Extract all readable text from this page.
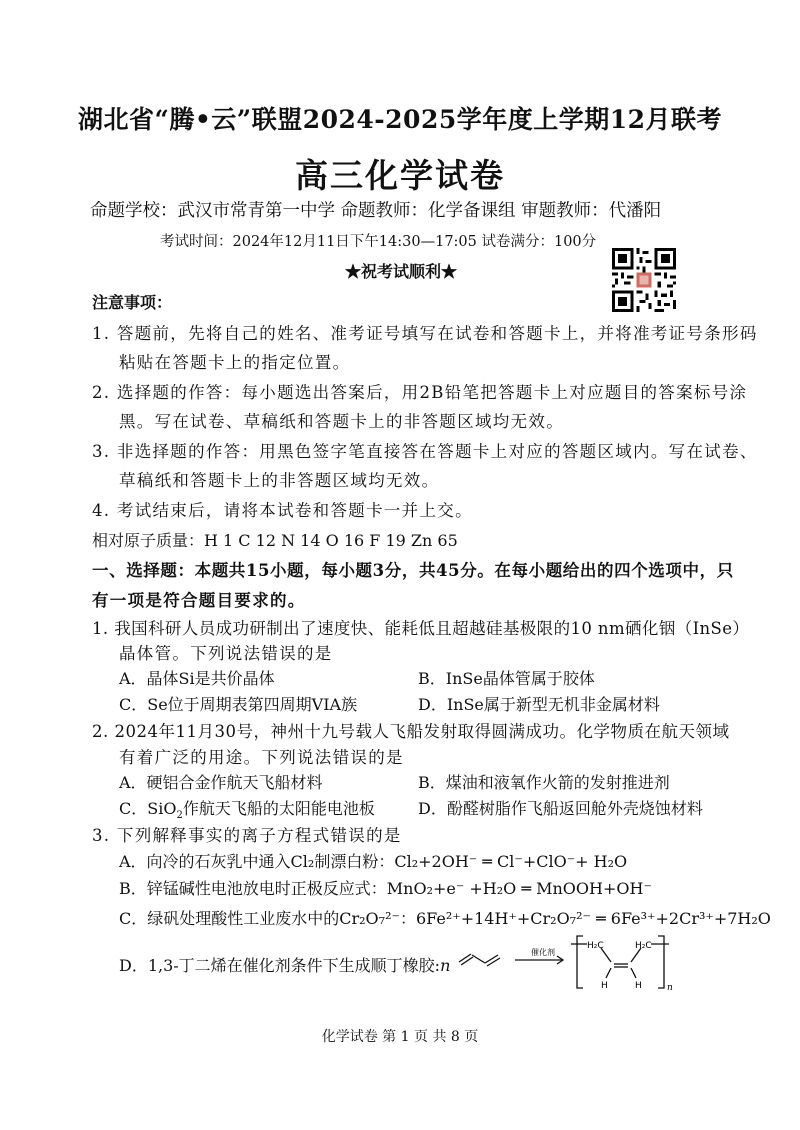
湖北省“腾•云”联盟2024-2025学年度上学期12月联考
高三化学试卷
命题学校：武汉市常青第一中学 命题教师：化学备课组 审题教师：代潘阳
考试时间：2024年12月11日下午14:30—17:05 试卷满分：100分
★祝考试顺利★
注意事项：
1. 答题前，先将自己的姓名、准考证号填写在试卷和答题卡上，并将准考证号条形码
粘贴在答题卡上的指定位置。
2. 选择题的作答：每小题选出答案后，用2B铅笔把答题卡上对应题目的答案标号涂
黑。写在试卷、草稿纸和答题卡上的非答题区域均无效。
3. 非选择题的作答：用黑色签字笔直接答在答题卡上对应的答题区域内。写在试卷、
草稿纸和答题卡上的非答题区域均无效。
4. 考试结束后，请将本试卷和答题卡一并上交。
相对原子质量：H 1 C 12 N 14 O 16 F 19 Zn 65
一、选择题：本题共15小题，每小题3分，共45分。在每小题给出的四个选项中，只
有一项是符合题目要求的。
1. 我国科研人员成功研制出了速度快、能耗低且超越硅基极限的10 nm硒化铟（InSe）
晶体管。下列说法错误的是
A．晶体Si是共价晶体	B．InSe晶体管属于胶体
C．Se位于周期表第四周期VIA族	D．InSe属于新型无机非金属材料
2. 2024年11月30号，神州十九号载人飞船发射取得圆满成功。化学物质在航天领域
有着广泛的用途。下列说法错误的是
A．硬铝合金作航天飞船材料	B．煤油和液氧作火箭的发射推进剂
C．SiO$_2$作航天飞船的太阳能电池板	D．酚醛树脂作飞船返回舱外壳烧蚀材料
3. 下列解释事实的离子方程式错误的是
A．向冷的石灰乳中通入Cl₂制漂白粉：Cl₂+2OH⁻ ═ Cl⁻+ClO⁻+ H₂O
B．锌锰碱性电池放电时正极反应式：MnO₂+e⁻ +H₂O ═ MnOOH+OH⁻
C．绿矾处理酸性工业废水中的Cr₂O₇²⁻：6Fe²⁺+14H⁺+Cr₂O₇²⁻ ═ 6Fe³⁺+2Cr³⁺+7H₂O
D．1,3-丁二烯在催化剂条件下生成顺丁橡胶:n
催化剂
H₂C	H₂C
H	H	n
化学试卷 第 1 页 共 8 页
